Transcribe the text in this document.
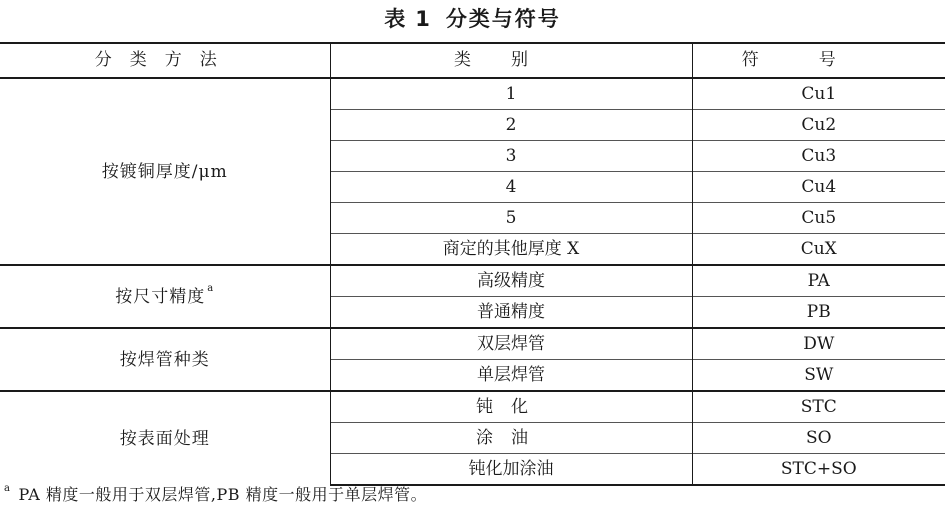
表 1 分类与符号
分类方法	类别	符号
按镀铜厚度/μm	1	Cu1
	2	Cu2
	3	Cu3
	4	Cu4
	5	Cu5
	商定的其他厚度 X	CuX
按尺寸精度 $^a$	高级精度	PA
	普通精度	PB
按焊管种类	双层焊管	DW
	单层焊管	SW
按表面处理	钝化	STC
	涂油	SO
	钝化加涂油	STC+SO
$^a$ PA 精度一般用于双层焊管,PB 精度一般用于单层焊管。
